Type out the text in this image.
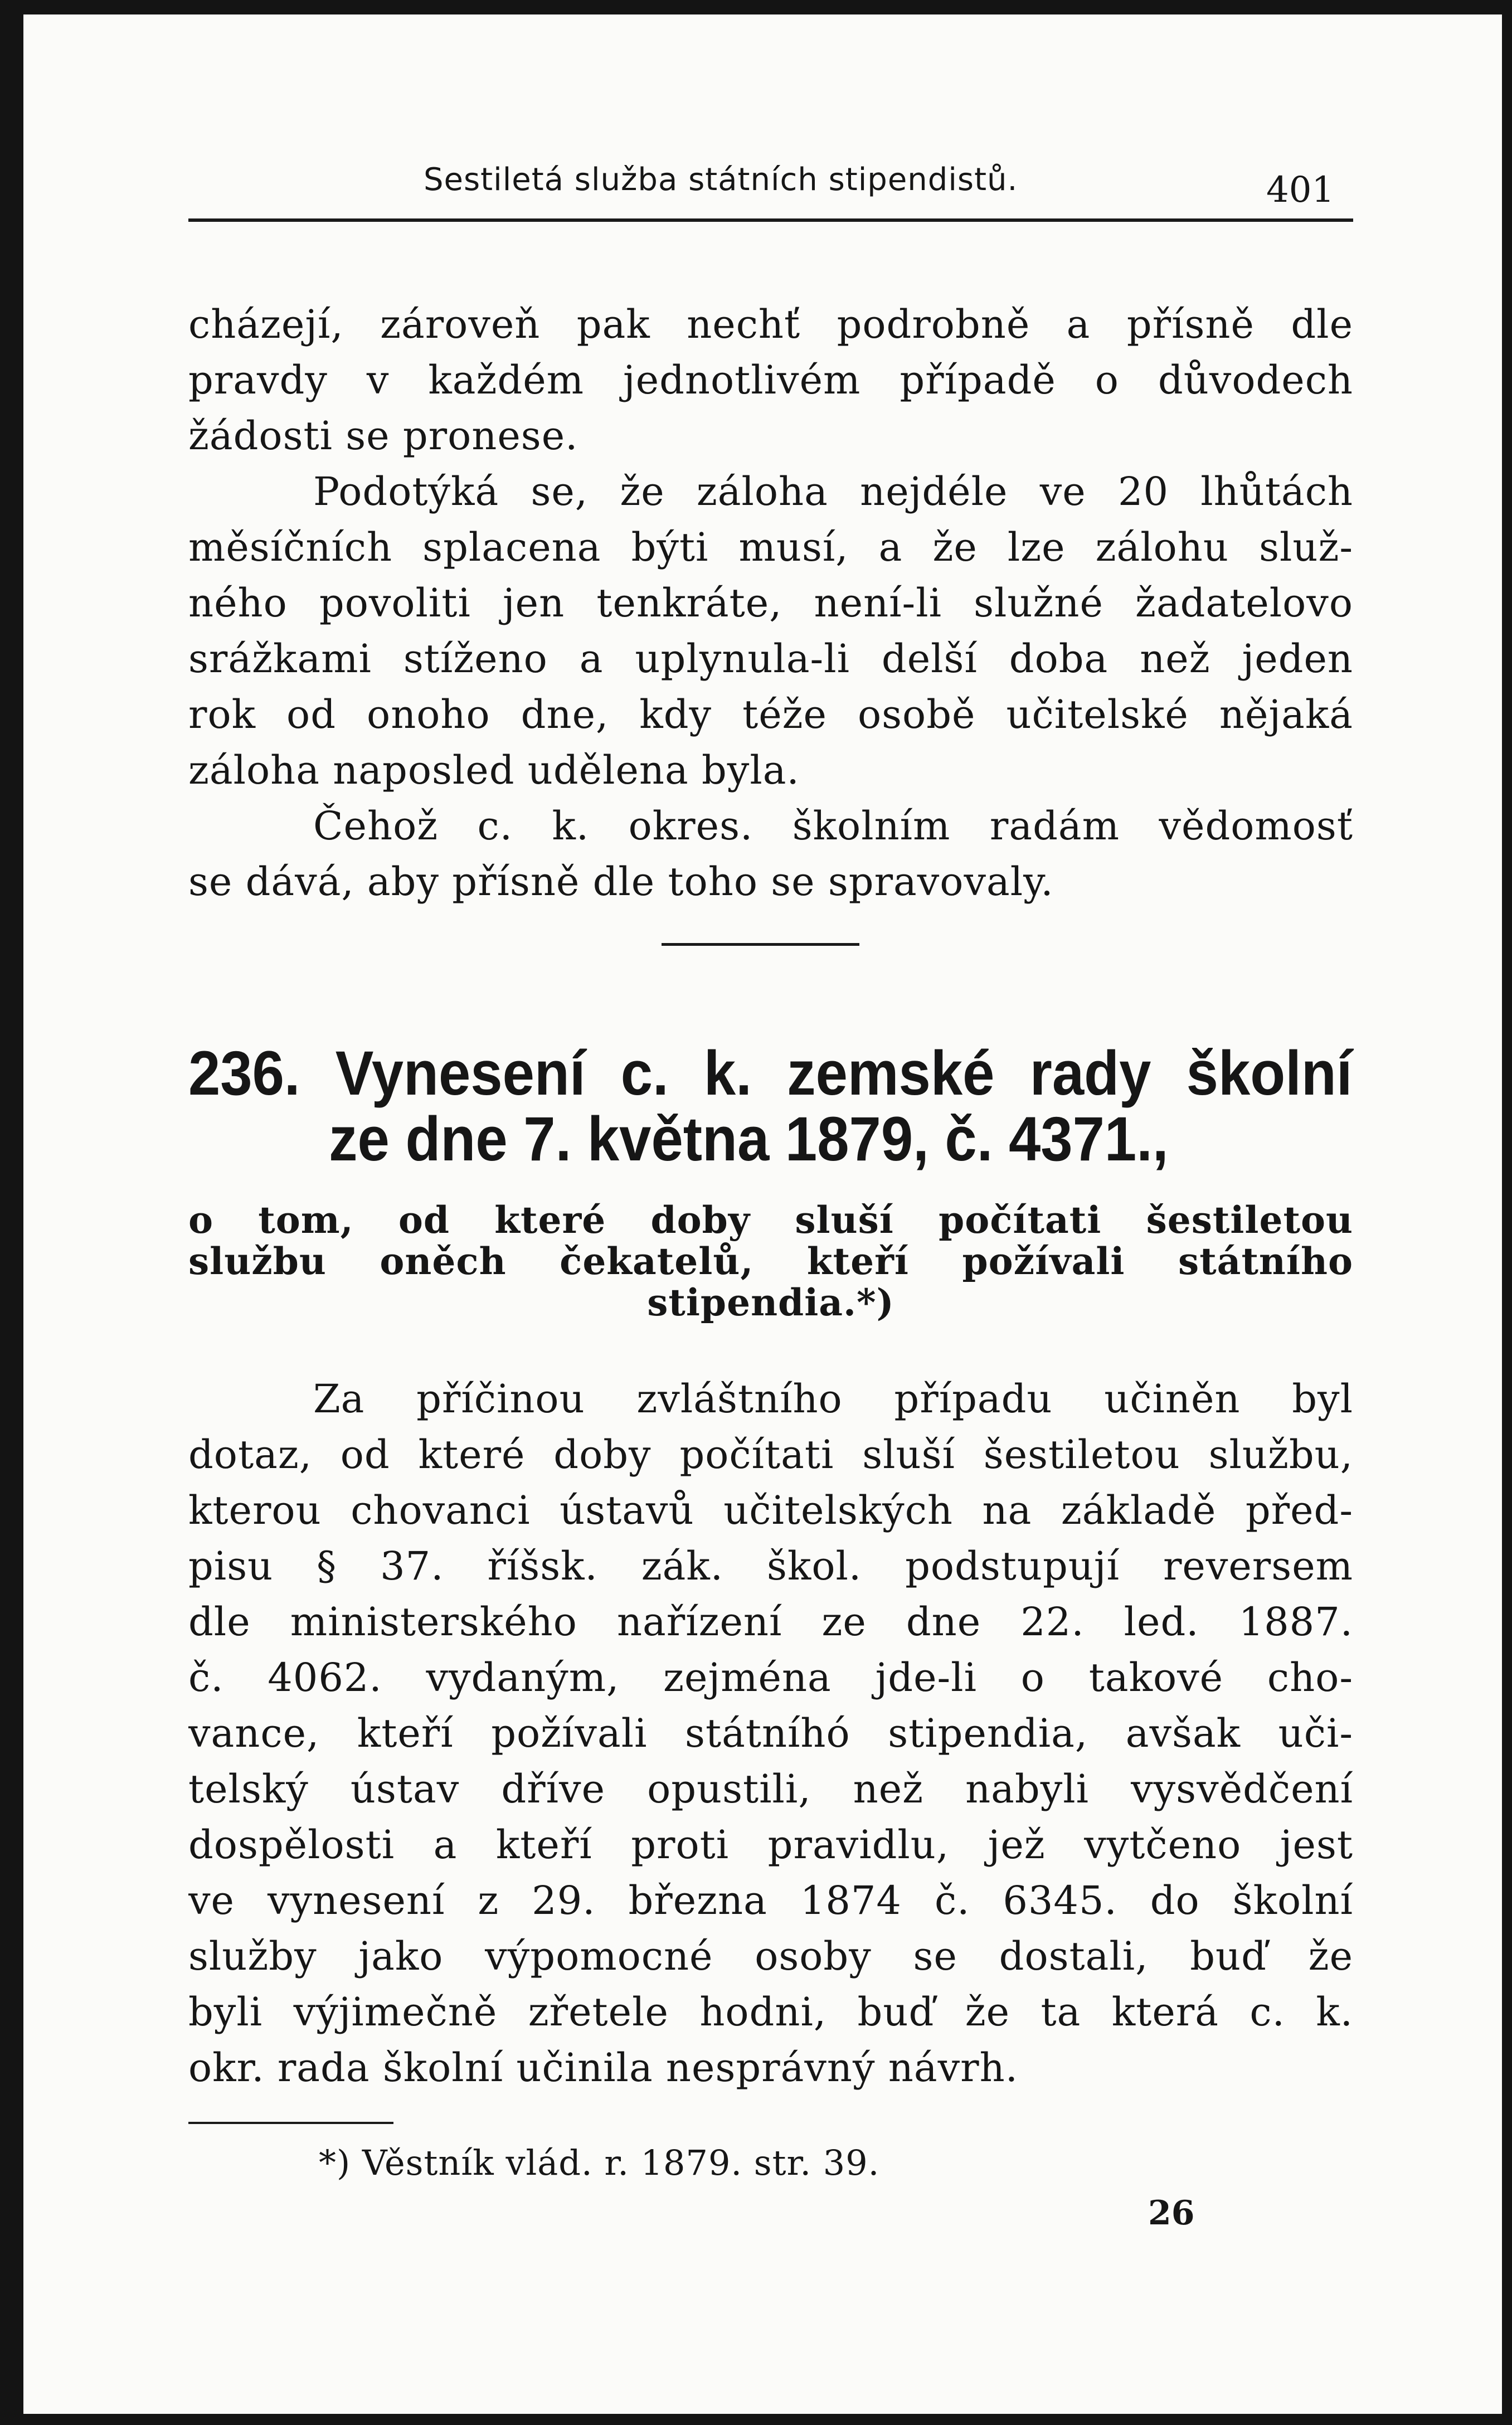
Sestiletá služba státních stipendistů.	401
cházejí, zároveň pak nechť podrobně a přísně dle
pravdy v každém jednotlivém případě o důvodech
žádosti se pronese.
Podotýká se, že záloha nejdéle ve 20 lhůtách
měsíčních splacena býti musí, a že lze zálohu služ-
ného povoliti jen tenkráte, není-li služné žadatelovo
srážkami stíženo a uplynula-li delší doba než jeden
rok od onoho dne, kdy téže osobě učitelské nějaká
záloha naposled udělena byla.
Čehož c. k. okres. školním radám vědomosť
se dává, aby přísně dle toho se spravovaly.
236. Vynesení c. k. zemské rady školní
ze dne 7. května 1879, č. 4371.,
o tom, od které doby sluší počítati šestiletou
službu oněch čekatelů, kteří požívali státního
stipendia.*)
Za příčinou zvláštního případu učiněn byl
dotaz, od které doby počítati sluší šestiletou službu,
kterou chovanci ústavů učitelských na základě před-
pisu § 37. říšsk. zák. škol. podstupují reversem
dle ministerského nařízení ze dne 22. led. 1887.
č. 4062. vydaným, zejména jde-li o takové cho-
vance, kteří požívali státníhó stipendia, avšak uči-
telský ústav dříve opustili, než nabyli vysvědčení
dospělosti a kteří proti pravidlu, jež vytčeno jest
ve vynesení z 29. března 1874 č. 6345. do školní
služby jako výpomocné osoby se dostali, buď že
byli výjimečně zřetele hodni, buď že ta která c. k.
okr. rada školní učinila nesprávný návrh.
*) Věstník vlád. r. 1879. str. 39.
26
